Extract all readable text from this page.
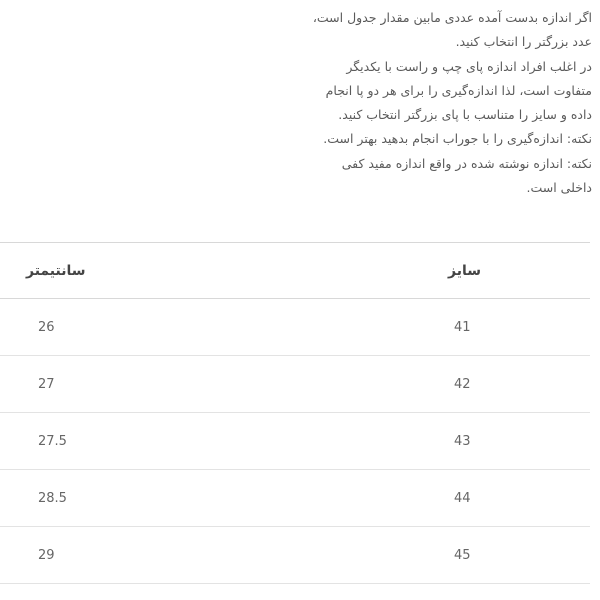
اگر اندازه بدست آمده عددی مابین مقدار جدول است،

عدد بزرگتر را انتخاب کنید.

در اغلب افراد اندازه پای چپ و راست با یکدیگر

متفاوت است، لذا اندازه‌گیری را برای هر دو پا انجام

داده و سایز را متناسب با پای بزرگتر انتخاب کنید.

نکته: اندازه‌گیری را با جوراب انجام بدهید بهتر است.

نکته: اندازه نوشته شده در واقع اندازه مفید کفی

داخلی است.

سانتیمتر	سایز
26	41
27	42
27.5	43
28.5	44
29	45
